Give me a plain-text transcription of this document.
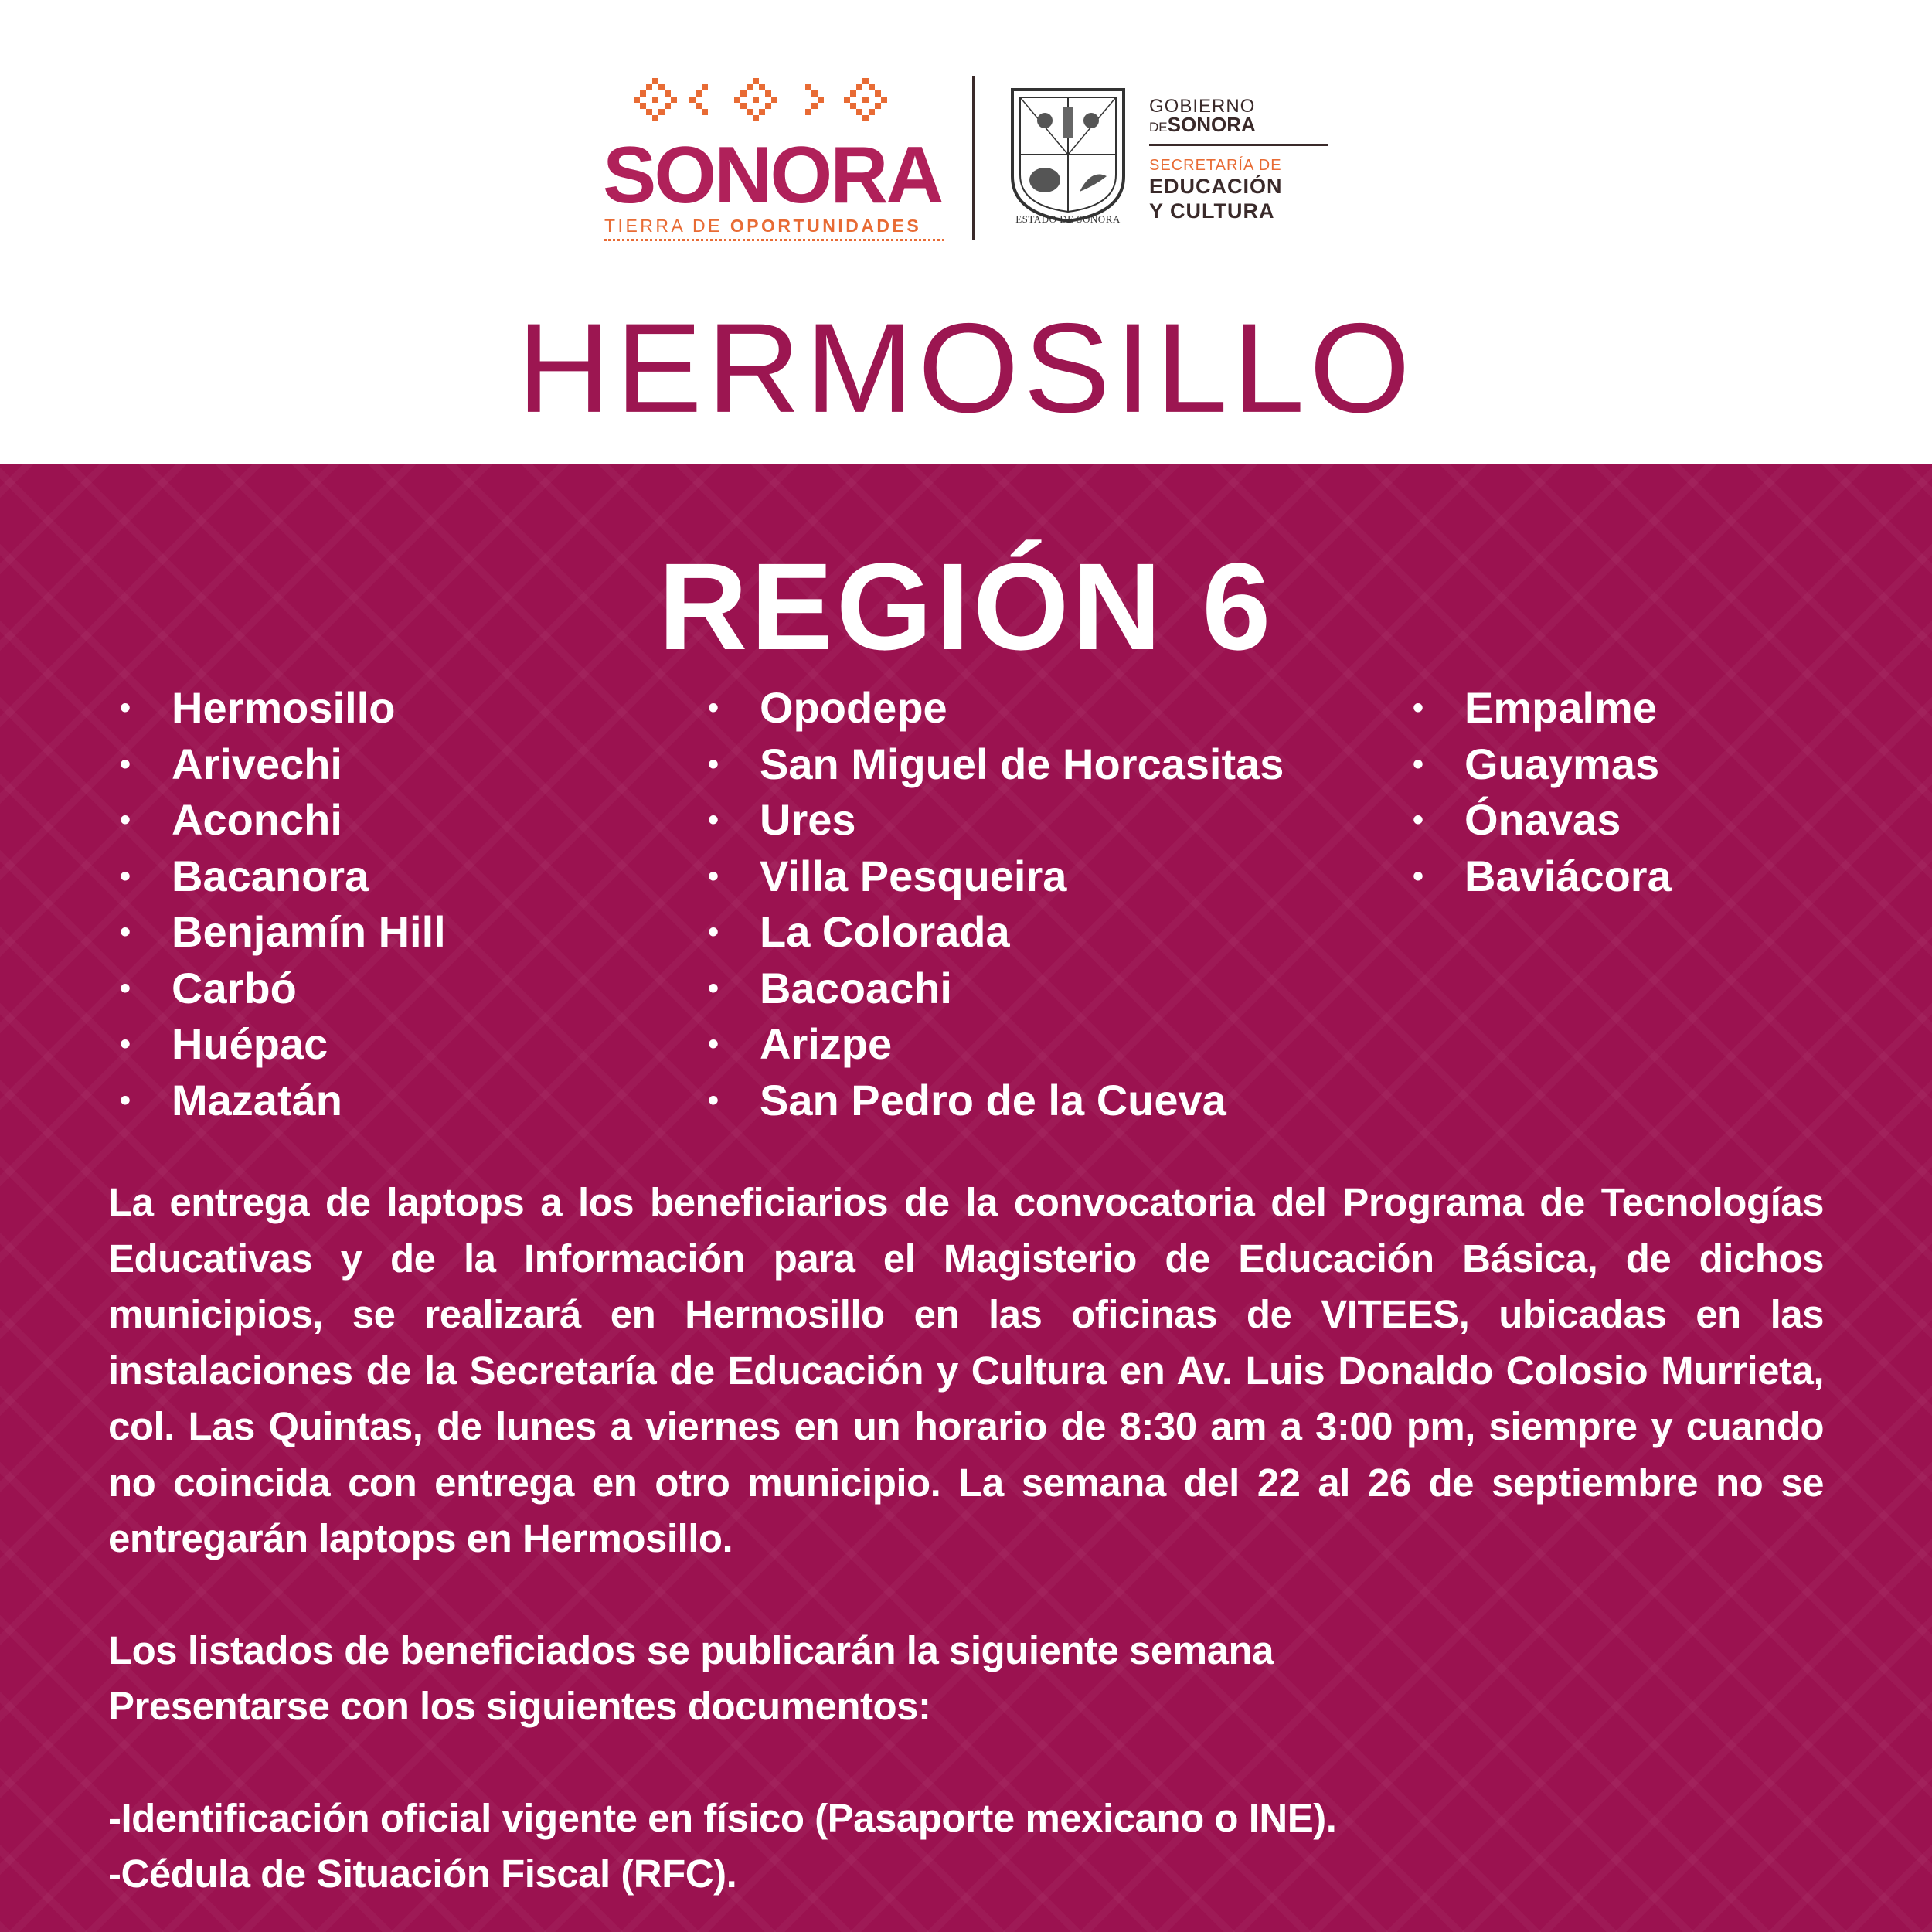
SONORA
TIERRA DE OPORTUNIDADES	ESTADO DE SONORA
GOBIERNO
DESONORA
SECRETARÍA DE
EDUCACIÓN
Y CULTURA
HERMOSILLO
REGIÓN 6
• Hermosillo
• Arivechi
• Aconchi
• Bacanora
• Benjamín Hill
• Carbó
• Huépac
• Mazatán
• Opodepe
• San Miguel de Horcasitas
• Ures
• Villa Pesqueira
• La Colorada
• Bacoachi
• Arizpe
• San Pedro de la Cueva
• Empalme
• Guaymas
• Ónavas
• Baviácora
La entrega de laptops a los beneficiarios de la convocatoria del Programa de Tecnologías Educativas y de la Información para el Magisterio de Educación Básica, de dichos municipios, se realizará en Hermosillo en las oficinas de VITEES, ubicadas en las instalaciones de la Secretaría de Educación y Cultura en Av. Luis Donaldo Colosio Murrieta, col. Las Quintas, de lunes a viernes en un horario de 8:30 am a 3:00 pm, siempre y cuando no coincida con entrega en otro municipio. La semana del 22 al 26 de septiembre no se entregarán laptops en Hermosillo.
Los listados de beneficiados se publicarán la siguiente semana
Presentarse con los siguientes documentos:
-Identificación oficial vigente en físico (Pasaporte mexicano o INE).
-Cédula de Situación Fiscal (RFC).
